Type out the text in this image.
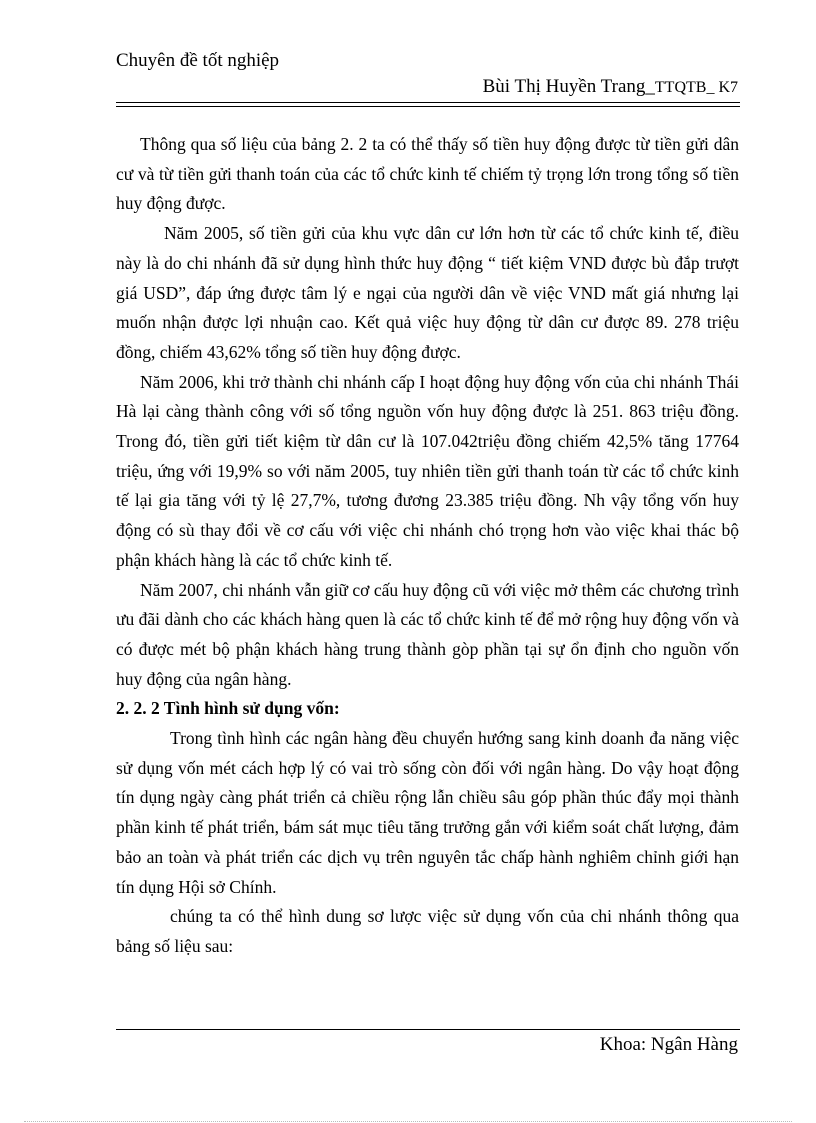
Chuyên đề tốt nghiệp
Bùi Thị Huyền Trang_TTQTB_ K7

Thông qua số liệu của bảng 2. 2 ta có thể thấy số tiền huy động được từ tiền gửi dân cư và từ tiền gửi thanh toán của các tổ chức kinh tế chiếm tỷ trọng lớn trong tổng số tiền huy động được.

Năm 2005, số tiền gửi của khu vực dân cư lớn hơn từ các tổ chức kinh tế, điều này là do chi nhánh đã sử dụng hình thức huy động “ tiết kiệm VND được bù đắp trượt giá USD”, đáp ứng được tâm lý e ngại của người dân về việc VND mất giá nhưng lại muốn nhận được lợi nhuận cao. Kết quả việc huy động từ dân cư được 89. 278 triệu đồng, chiếm 43,62% tổng số tiền huy động được.

Năm 2006, khi trở thành chi nhánh cấp I hoạt động huy động vốn của chi nhánh Thái Hà lại càng thành công với số tổng nguồn vốn huy động được là 251. 863 triệu đồng. Trong đó, tiền gửi tiết kiệm từ dân cư là 107.042triệu đồng chiếm 42,5% tăng 17764 triệu, ứng với 19,9% so với năm 2005, tuy nhiên tiền gửi thanh toán từ các tổ chức kinh tế lại gia tăng với tỷ lệ 27,7%, tương đương 23.385 triệu đồng. Nh vậy tổng vốn huy động có sù thay đổi về cơ cấu với việc chi nhánh chó trọng hơn vào việc khai thác bộ phận khách hàng là các tổ chức kinh tế.

Năm 2007, chi nhánh vẫn giữ cơ cấu huy động cũ với việc mở thêm các chương trình ưu đãi dành cho các khách hàng quen là các tổ chức kinh tế để mở rộng huy động vốn và có được mét bộ phận khách hàng trung thành gòp phần tại sự ổn định cho nguồn vốn huy động của ngân hàng.

2. 2. 2 Tình hình sử dụng vốn:

Trong tình hình các ngân hàng đều chuyển hướng sang kinh doanh đa năng việc sử dụng vốn mét cách hợp lý có vai trò sống còn đối với ngân hàng. Do vậy hoạt động tín dụng ngày càng phát triển cả chiều rộng lẫn chiều sâu góp phần thúc đẩy mọi thành phần kinh tế phát triển, bám sát mục tiêu tăng trưởng gắn với kiểm soát chất lượng, đảm bảo an toàn và phát triển các dịch vụ trên nguyên tắc chấp hành nghiêm chỉnh giới hạn tín dụng Hội sở Chính.

chúng ta có thể hình dung sơ lược việc sử dụng vốn của chi nhánh thông qua bảng số liệu sau:

Khoa: Ngân Hàng
